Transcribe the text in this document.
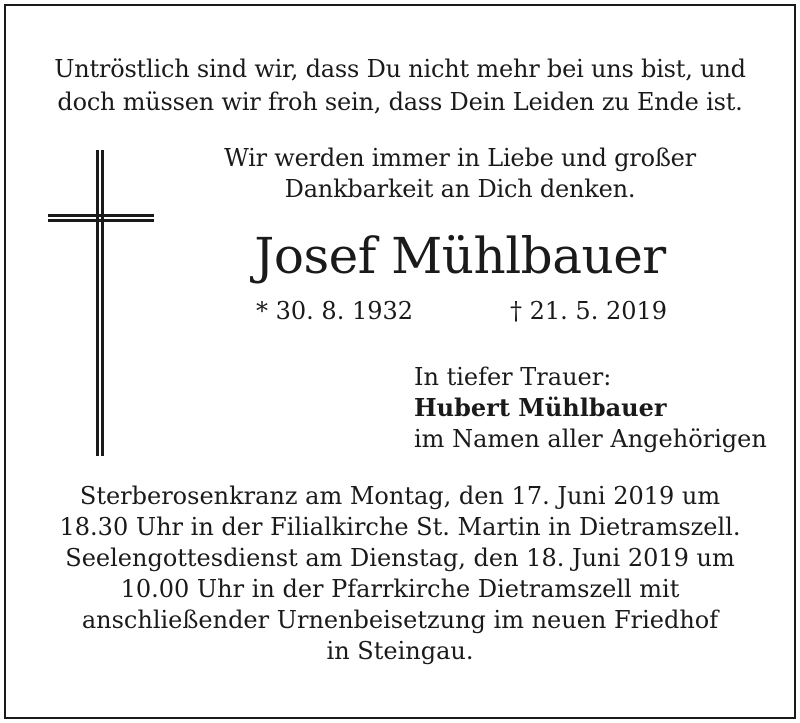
Untröstlich sind wir, dass Du nicht mehr bei uns bist, und
doch müssen wir froh sein, dass Dein Leiden zu Ende ist.
Wir werden immer in Liebe und großer
Dankbarkeit an Dich denken.
Josef Mühlbauer
* 30. 8. 1932	† 21. 5. 2019
In tiefer Trauer:
Hubert Mühlbauer
im Namen aller Angehörigen
Sterberosenkranz am Montag, den 17. Juni 2019 um
18.30 Uhr in der Filialkirche St. Martin in Dietramszell.
Seelengottesdienst am Dienstag, den 18. Juni 2019 um
10.00 Uhr in der Pfarrkirche Dietramszell mit
anschließender Urnenbeisetzung im neuen Friedhof
in Steingau.
